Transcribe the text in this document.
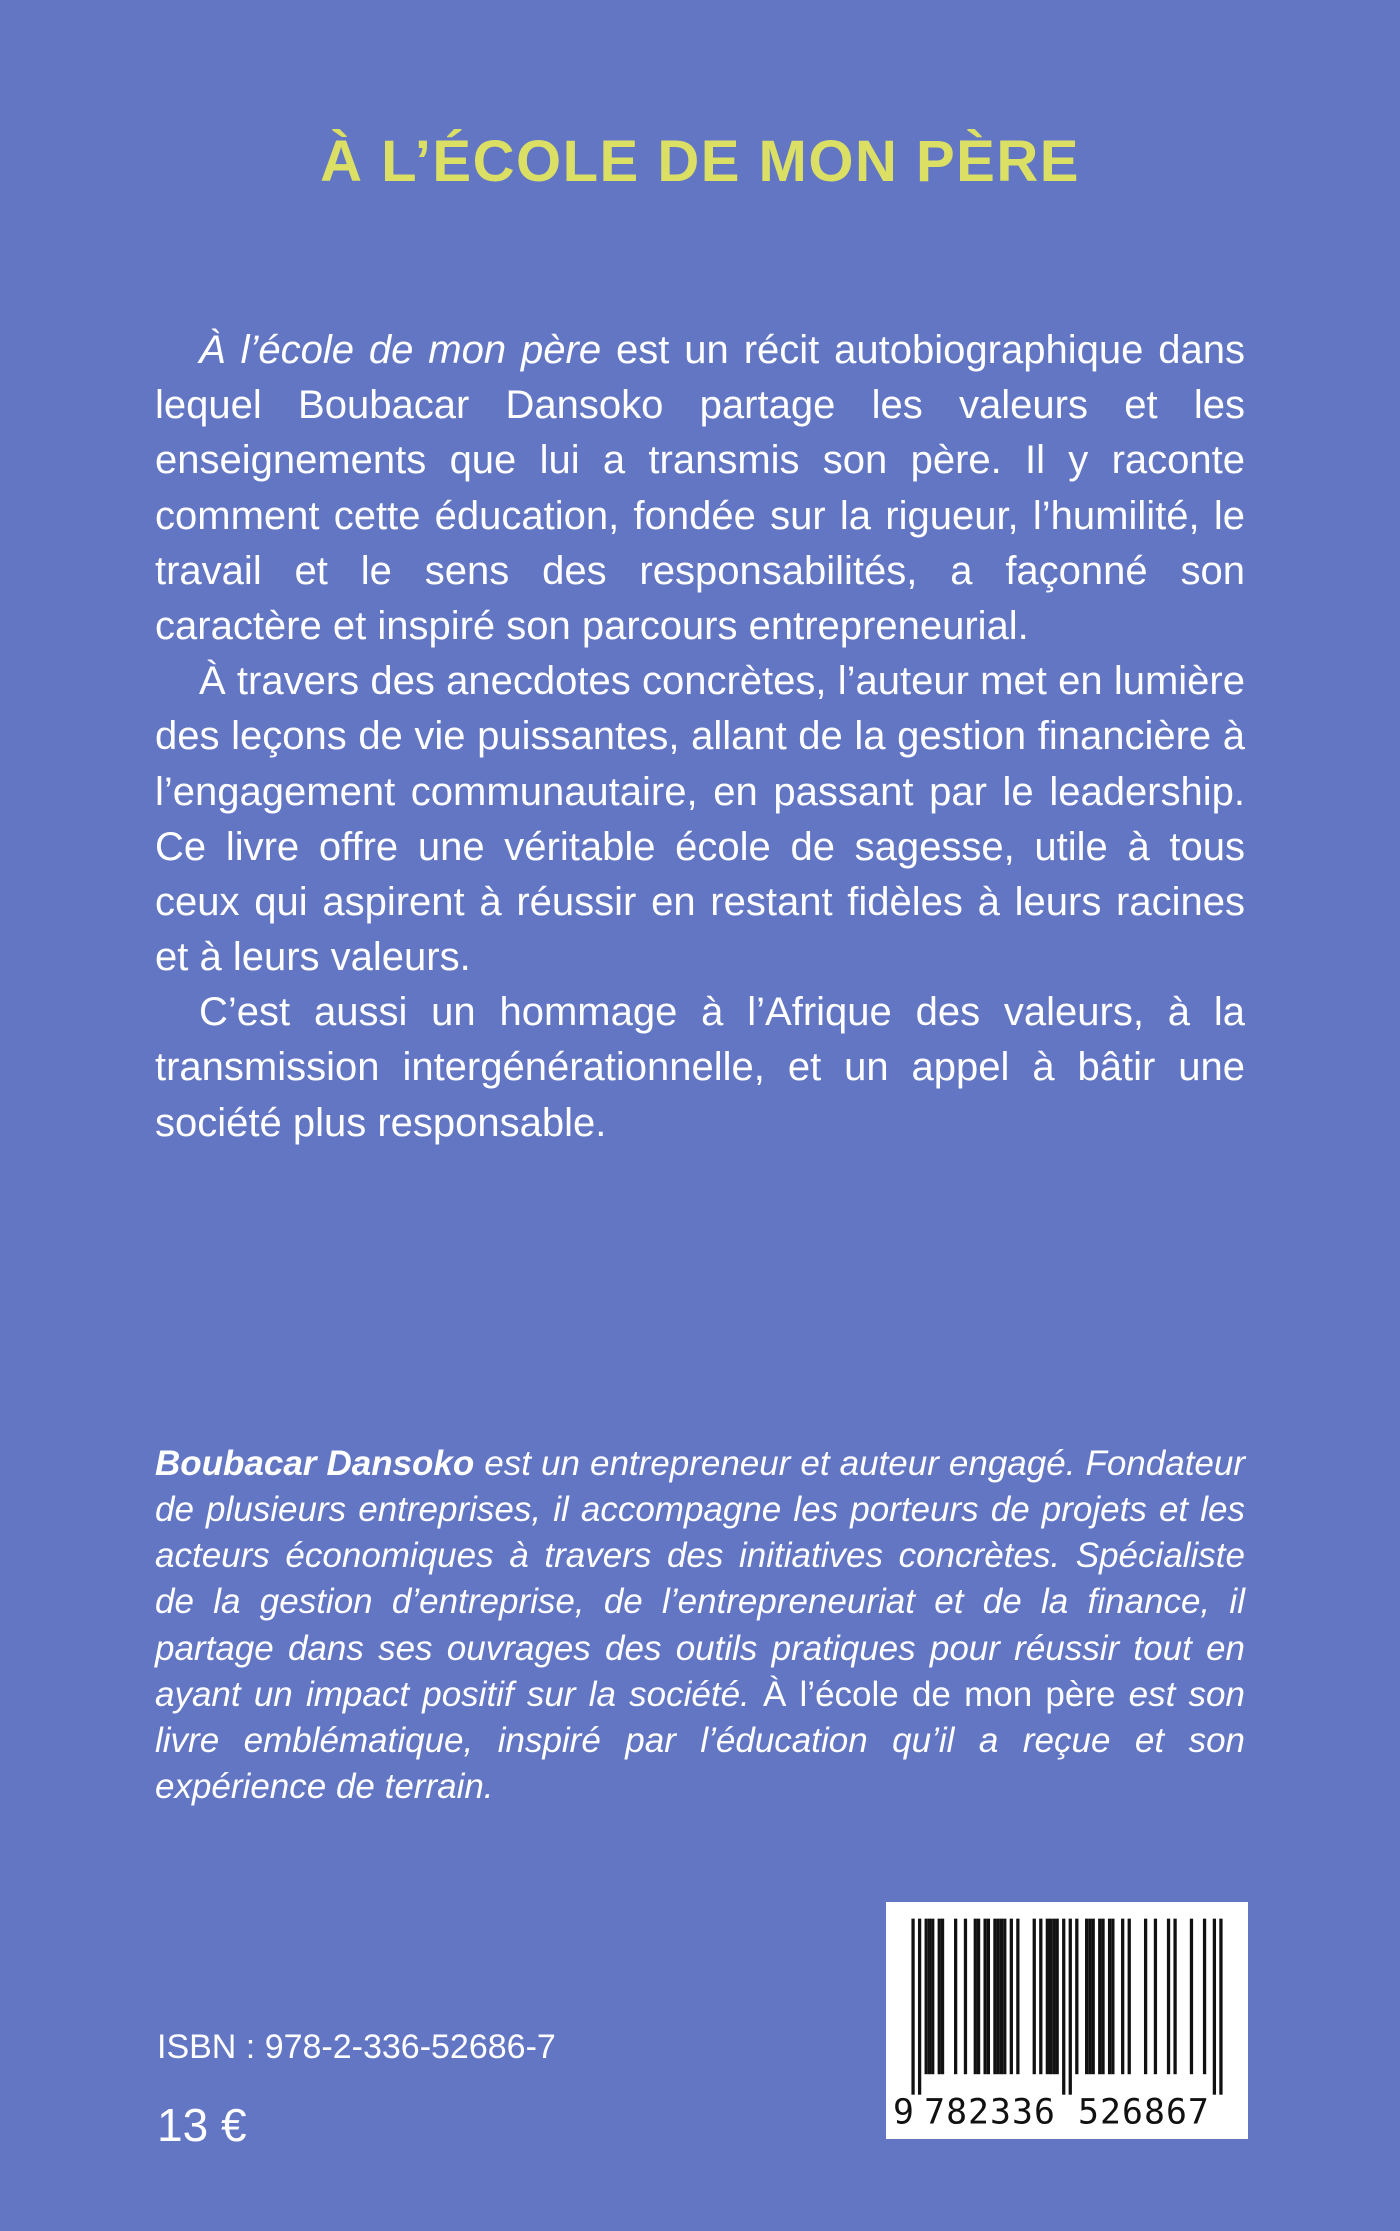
À L’ÉCOLE DE MON PÈRE

À l’école de mon père est un récit autobiographique dans lequel Boubacar Dansoko partage les valeurs et les enseignements que lui a transmis son père. Il y raconte comment cette éducation, fondée sur la rigueur, l’humilité, le travail et le sens des responsabilités, a façonné son caractère et inspiré son parcours entrepreneurial.

À travers des anecdotes concrètes, l’auteur met en lumière des leçons de vie puissantes, allant de la gestion financière à l’engagement communautaire, en passant par le leadership. Ce livre offre une véritable école de sagesse, utile à tous ceux qui aspirent à réussir en restant fidèles à leurs racines et à leurs valeurs.

C’est aussi un hommage à l’Afrique des valeurs, à la transmission intergénérationnelle, et un appel à bâtir une société plus responsable.

Boubacar Dansoko est un entrepreneur et auteur engagé. Fondateur de plusieurs entreprises, il accompagne les porteurs de projets et les acteurs économiques à travers des initiatives concrètes. Spécialiste de la gestion d’entreprise, de l’entrepreneuriat et de la finance, il partage dans ses ouvrages des outils pratiques pour réussir tout en ayant un impact positif sur la société. À l’école de mon père est son livre emblématique, inspiré par l’éducation qu’il a reçue et son expérience de terrain.
ISBN : 978-2-336-52686-7
13 €	9 782336 526867
